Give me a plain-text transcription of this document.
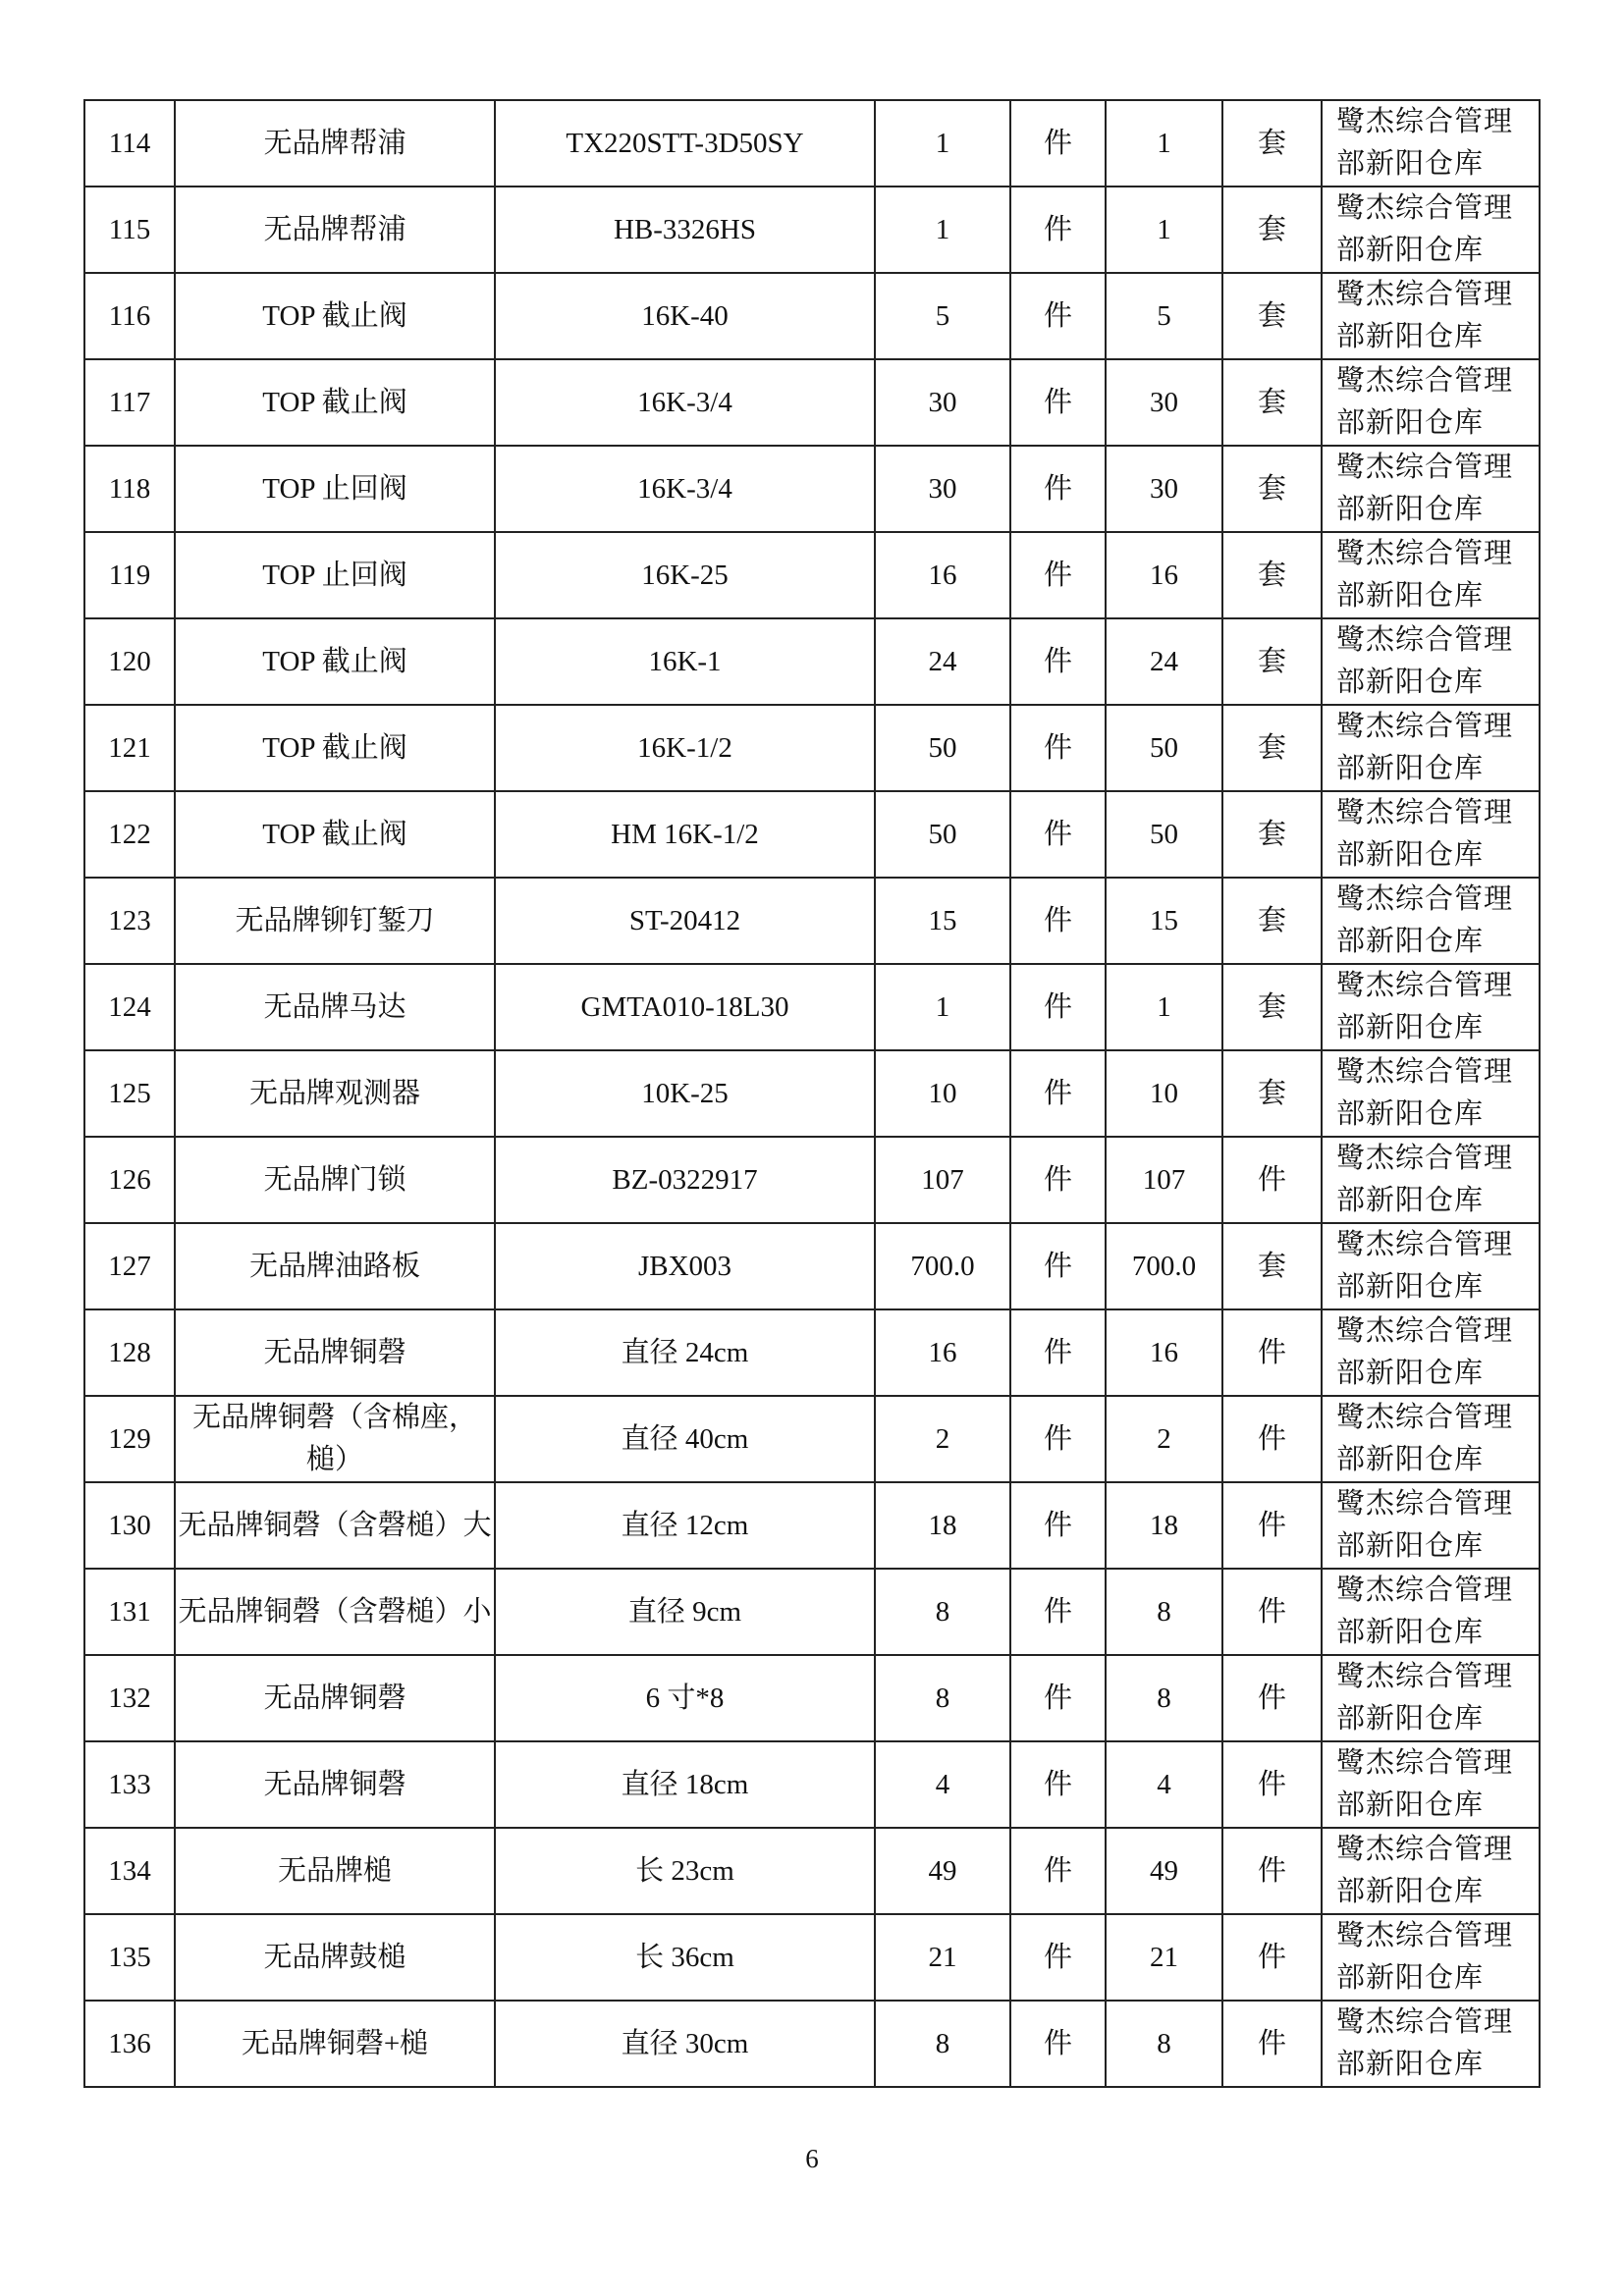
114	无品牌帮浦	TX220STT-3D50SY	1	件	1	套	鹭杰综合管理
部新阳仓库

115	无品牌帮浦	HB-3326HS	1	件	1	套	鹭杰综合管理
部新阳仓库

116	TOP 截止阀	16K-40	5	件	5	套	鹭杰综合管理
部新阳仓库

117	TOP 截止阀	16K-3/4	30	件	30	套	鹭杰综合管理
部新阳仓库

118	TOP 止回阀	16K-3/4	30	件	30	套	鹭杰综合管理
部新阳仓库

119	TOP 止回阀	16K-25	16	件	16	套	鹭杰综合管理
部新阳仓库

120	TOP 截止阀	16K-1	24	件	24	套	鹭杰综合管理
部新阳仓库

121	TOP 截止阀	16K-1/2	50	件	50	套	鹭杰综合管理
部新阳仓库

122	TOP 截止阀	HM 16K-1/2	50	件	50	套	鹭杰综合管理
部新阳仓库

123	无品牌铆钉錾刀	ST-20412	15	件	15	套	鹭杰综合管理
部新阳仓库

124	无品牌马达	GMTA010-18L30	1	件	1	套	鹭杰综合管理
部新阳仓库

125	无品牌观测器	10K-25	10	件	10	套	鹭杰综合管理
部新阳仓库

126	无品牌门锁	BZ-0322917	107	件	107	件	鹭杰综合管理
部新阳仓库

127	无品牌油路板	JBX003	700.0	件	700.0	套	鹭杰综合管理
部新阳仓库

128	无品牌铜磬	直径 24cm	16	件	16	件	鹭杰综合管理
部新阳仓库

129	无品牌铜磬（含棉座，槌）	直径 40cm	2	件	2	件	鹭杰综合管理
部新阳仓库

130	无品牌铜磬（含磬槌）大	直径 12cm	18	件	18	件	鹭杰综合管理
部新阳仓库

131	无品牌铜磬（含磬槌）小	直径 9cm	8	件	8	件	鹭杰综合管理
部新阳仓库

132	无品牌铜磬	6 寸*8	8	件	8	件	鹭杰综合管理
部新阳仓库

133	无品牌铜磬	直径 18cm	4	件	4	件	鹭杰综合管理
部新阳仓库

134	无品牌槌	长 23cm	49	件	49	件	鹭杰综合管理
部新阳仓库

135	无品牌鼓槌	长 36cm	21	件	21	件	鹭杰综合管理
部新阳仓库

136	无品牌铜磬+槌	直径 30cm	8	件	8	件	鹭杰综合管理
部新阳仓库
6
